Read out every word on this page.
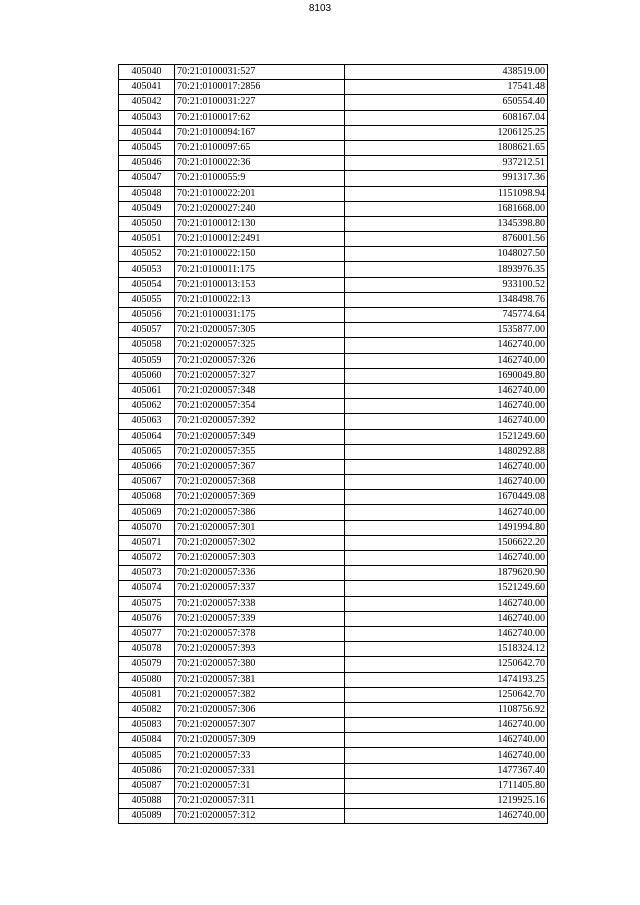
8103
405040	70:21:0100031:527	438519.00
405041	70:21:0100017:2856	17541.48
405042	70:21:0100031:227	650554.40
405043	70:21:0100017:62	608167.04
405044	70:21:0100094:167	1206125.25
405045	70:21:0100097:65	1808621.65
405046	70:21:0100022:36	937212.51
405047	70:21:0100055:9	991317.36
405048	70:21:0100022:201	1151098.94
405049	70:21:0200027:240	1681668.00
405050	70:21:0100012:130	1345398.80
405051	70:21:0100012:2491	876001.56
405052	70:21:0100022:150	1048027.50
405053	70:21:0100011:175	1893976.35
405054	70:21:0100013:153	933100.52
405055	70:21:0100022:13	1348498.76
405056	70:21:0100031:175	745774.64
405057	70:21:0200057:305	1535877.00
405058	70:21:0200057:325	1462740.00
405059	70:21:0200057:326	1462740.00
405060	70:21:0200057:327	1690049.80
405061	70:21:0200057:348	1462740.00
405062	70:21:0200057:354	1462740.00
405063	70:21:0200057:392	1462740.00
405064	70:21:0200057:349	1521249.60
405065	70:21:0200057:355	1480292.88
405066	70:21:0200057:367	1462740.00
405067	70:21:0200057:368	1462740.00
405068	70:21:0200057:369	1670449.08
405069	70:21:0200057:386	1462740.00
405070	70:21:0200057:301	1491994.80
405071	70:21:0200057:302	1506622.20
405072	70:21:0200057:303	1462740.00
405073	70:21:0200057:336	1879620.90
405074	70:21:0200057:337	1521249.60
405075	70:21:0200057:338	1462740.00
405076	70:21:0200057:339	1462740.00
405077	70:21:0200057:378	1462740.00
405078	70:21:0200057:393	1518324.12
405079	70:21:0200057:380	1250642.70
405080	70:21:0200057:381	1474193.25
405081	70:21:0200057:382	1250642.70
405082	70:21:0200057:306	1108756.92
405083	70:21:0200057:307	1462740.00
405084	70:21:0200057:309	1462740.00
405085	70:21:0200057:33	1462740.00
405086	70:21:0200057:331	1477367.40
405087	70:21:0200057:31	1711405.80
405088	70:21:0200057:311	1219925.16
405089	70:21:0200057:312	1462740.00
